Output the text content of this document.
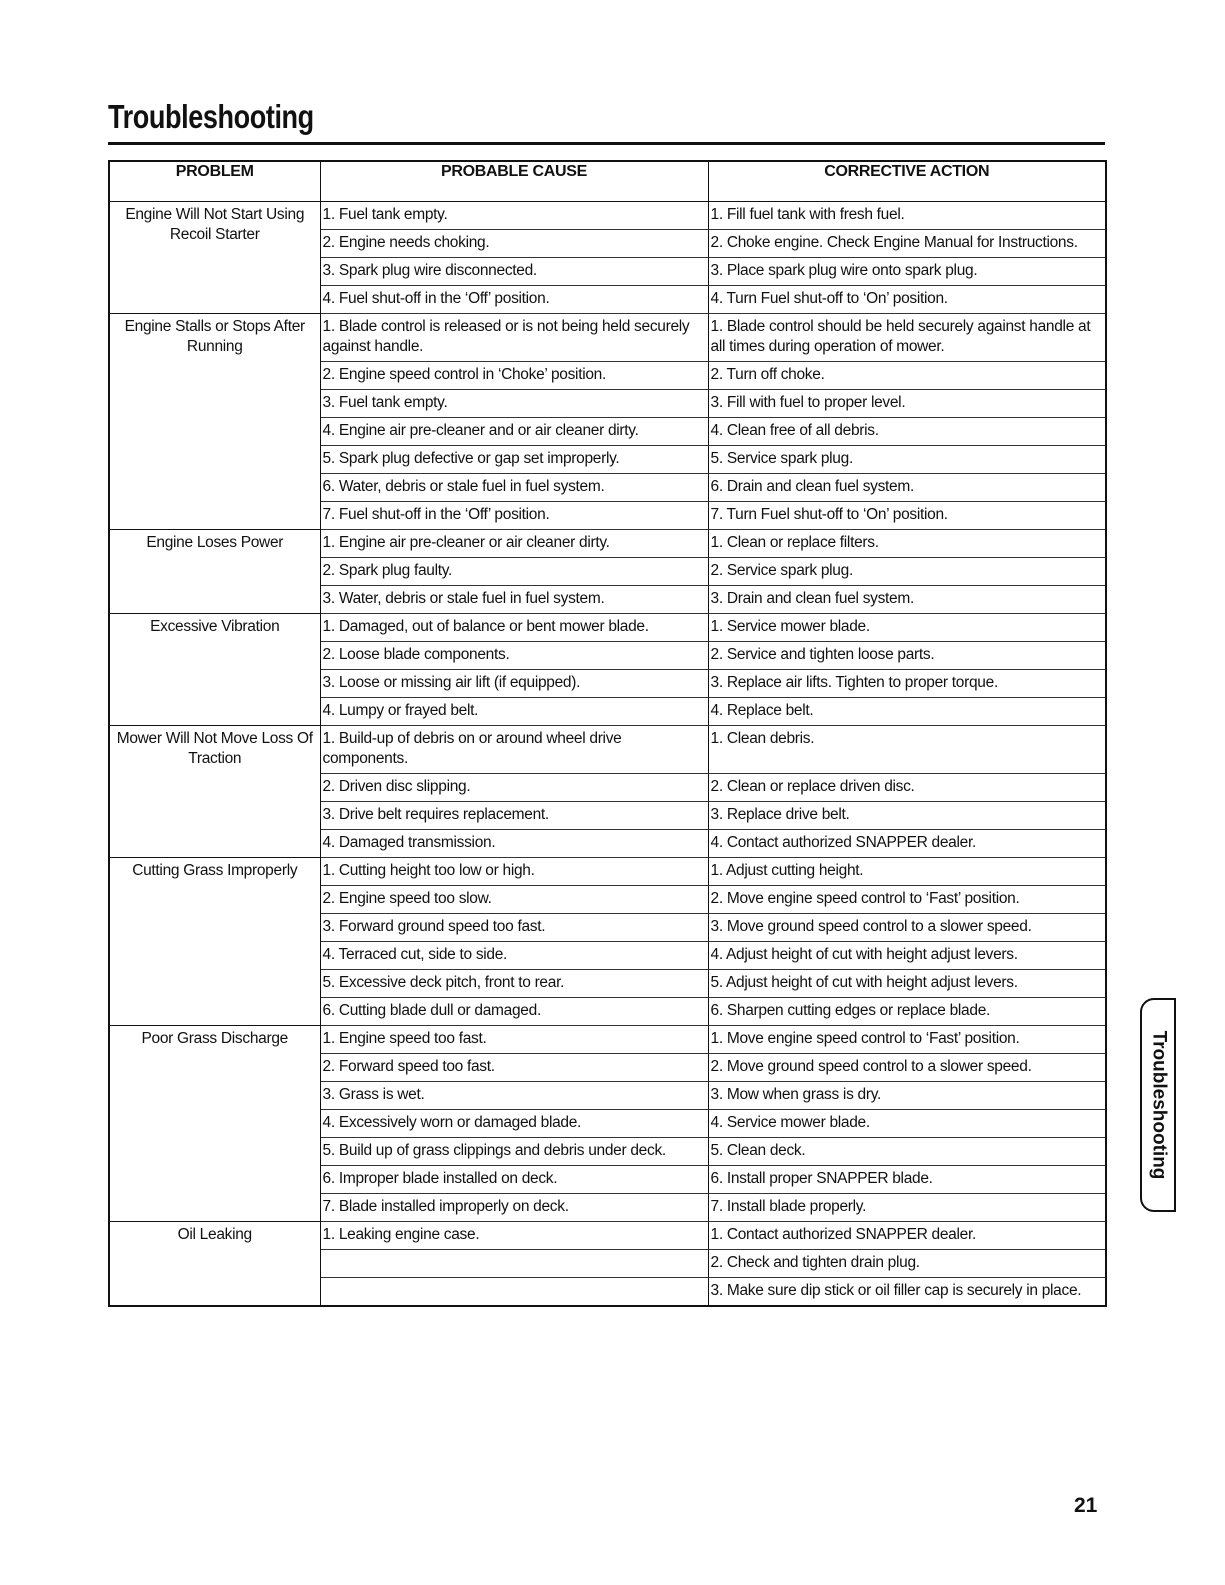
Troubleshooting
PROBLEM	PROBABLE CAUSE	CORRECTIVE ACTION
Engine Will Not Start Using Recoil Starter	1. Fuel tank empty.	1. Fill fuel tank with fresh fuel.
	2. Engine needs choking.	2. Choke engine. Check Engine Manual for Instructions.
	3. Spark plug wire disconnected.	3. Place spark plug wire onto spark plug.
	4. Fuel shut-off in the ‘Off’ position.	4. Turn Fuel shut-off to ‘On’ position.
Engine Stalls or Stops After Running	1. Blade control is released or is not being held securely against handle.	1. Blade control should be held securely against handle at all times during operation of mower.
	2. Engine speed control in ‘Choke’ position.	2. Turn off choke.
	3. Fuel tank empty.	3. Fill with fuel to proper level.
	4. Engine air pre-cleaner and or air cleaner dirty.	4. Clean free of all debris.
	5. Spark plug defective or gap set improperly.	5. Service spark plug.
	6. Water, debris or stale fuel in fuel system.	6. Drain and clean fuel system.
	7. Fuel shut-off in the ‘Off’ position.	7. Turn Fuel shut-off to ‘On’ position.
Engine Loses Power	1. Engine air pre-cleaner or air cleaner dirty.	1. Clean or replace filters.
	2. Spark plug faulty.	2. Service spark plug.
	3. Water, debris or stale fuel in fuel system.	3. Drain and clean fuel system.
Excessive Vibration	1. Damaged, out of balance or bent mower blade.	1. Service mower blade.
	2. Loose blade components.	2. Service and tighten loose parts.
	3. Loose or missing air lift (if equipped).	3. Replace air lifts. Tighten to proper torque.
	4. Lumpy or frayed belt.	4. Replace belt.
Mower Will Not Move Loss Of Traction	1. Build-up of debris on or around wheel drive components.	1. Clean debris.
	2. Driven disc slipping.	2. Clean or replace driven disc.
	3. Drive belt requires replacement.	3. Replace drive belt.
	4. Damaged transmission.	4. Contact authorized SNAPPER dealer.
Cutting Grass Improperly	1. Cutting height too low or high.	1. Adjust cutting height.
	2. Engine speed too slow.	2. Move engine speed control to ‘Fast’ position.
	3. Forward ground speed too fast.	3. Move ground speed control to a slower speed.
	4. Terraced cut, side to side.	4. Adjust height of cut with height adjust levers.
	5. Excessive deck pitch, front to rear.	5. Adjust height of cut with height adjust levers.
	6. Cutting blade dull or damaged.	6. Sharpen cutting edges or replace blade.
Poor Grass Discharge	1. Engine speed too fast.	1. Move engine speed control to ‘Fast’ position.
	2. Forward speed too fast.	2. Move ground speed control to a slower speed.
	3. Grass is wet.	3. Mow when grass is dry.
	4. Excessively worn or damaged blade.	4. Service mower blade.
	5. Build up of grass clippings and debris under deck.	5. Clean deck.
	6. Improper blade installed on deck.	6. Install proper SNAPPER blade.
	7. Blade installed improperly on deck.	7. Install blade properly.
Oil Leaking	1. Leaking engine case.	1. Contact authorized SNAPPER dealer.
		2. Check and tighten drain plug.
		3. Make sure dip stick or oil filler cap is securely in place.
Troubleshooting
21
